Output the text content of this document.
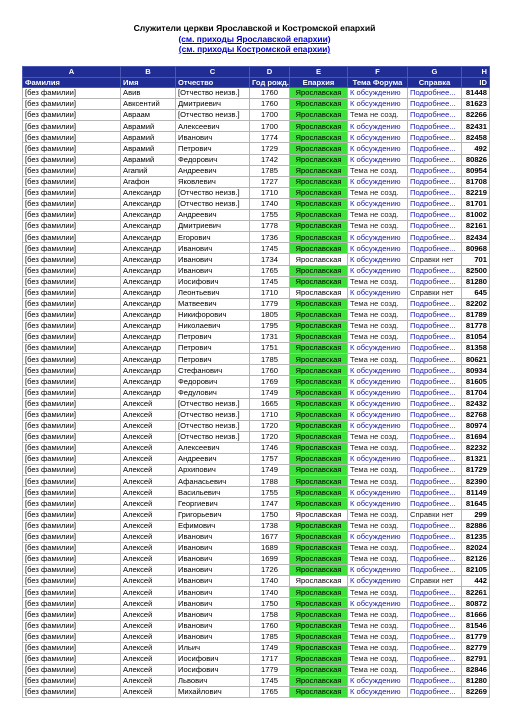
Служители церкви Ярославской и Костромской епархий
(см. приходы Ярославской епархии)
(см. приходы Костромской епархии)
A	B	C	D	E	F	G	H
Фамилия	Имя	Отчество	Год рожд.	Епархия	Тема Форума	Справка	ID
[без фамилии]	Авив	[Отчество неизв.]	1760	Ярославская	К обсуждению	Подробнее...	81448
[без фамилии]	Авксентий	Дмитриевич	1760	Ярославская	К обсуждению	Подробнее...	81623
[без фамилии]	Авраам	[Отчество неизв.]	1700	Ярославская	Тема не созд.	Подробнее...	82266
[без фамилии]	Аврамий	Алексеевич	1700	Ярославская	К обсуждению	Подробнее...	82431
[без фамилии]	Аврамий	Иванович	1774	Ярославская	К обсуждению	Подробнее...	82458
[без фамилии]	Аврамий	Петрович	1729	Ярославская	К обсуждению	Подробнее...	492
[без фамилии]	Аврамий	Федорович	1742	Ярославская	К обсуждению	Подробнее...	80826
[без фамилии]	Агапий	Андреевич	1785	Ярославская	Тема не созд.	Подробнее...	80954
[без фамилии]	Агафон	Яковлевич	1727	Ярославская	К обсуждению	Подробнее...	81708
[без фамилии]	Александр	[Отчество неизв.]	1710	Ярославская	Тема не созд.	Подробнее...	82219
[без фамилии]	Александр	[Отчество неизв.]	1740	Ярославская	К обсуждению	Подробнее...	81701
[без фамилии]	Александр	Андреевич	1755	Ярославская	Тема не созд.	Подробнее...	81002
[без фамилии]	Александр	Дмитриевич	1778	Ярославская	Тема не созд.	Подробнее...	82161
[без фамилии]	Александр	Егорович	1736	Ярославская	К обсуждению	Подробнее...	82434
[без фамилии]	Александр	Иванович	1745	Ярославская	К обсуждению	Подробнее...	80968
[без фамилии]	Александр	Иванович	1734	Ярославская	К обсуждению	Справки нет	701
[без фамилии]	Александр	Иванович	1765	Ярославская	К обсуждению	Подробнее...	82500
[без фамилии]	Александр	Иосифович	1745	Ярославская	Тема не созд.	Подробнее...	81280
[без фамилии]	Александр	Леонтьевич	1710	Ярославская	К обсуждению	Справки нет	645
[без фамилии]	Александр	Матвеевич	1779	Ярославская	Тема не созд.	Подробнее...	82202
[без фамилии]	Александр	Никифорович	1805	Ярославская	Тема не созд.	Подробнее...	81789
[без фамилии]	Александр	Николаевич	1795	Ярославская	Тема не созд.	Подробнее...	81778
[без фамилии]	Александр	Петрович	1731	Ярославская	Тема не созд.	Подробнее...	81054
[без фамилии]	Александр	Петрович	1751	Ярославская	К обсуждению	Подробнее...	81358
[без фамилии]	Александр	Петрович	1785	Ярославская	Тема не созд.	Подробнее...	80621
[без фамилии]	Александр	Стефанович	1760	Ярославская	К обсуждению	Подробнее...	80934
[без фамилии]	Александр	Федорович	1769	Ярославская	К обсуждению	Подробнее...	81605
[без фамилии]	Александр	Федулович	1749	Ярославская	К обсуждению	Подробнее...	81704
[без фамилии]	Алексей	[Отчество неизв.]	1665	Ярославская	К обсуждению	Подробнее...	82432
[без фамилии]	Алексей	[Отчество неизв.]	1710	Ярославская	К обсуждению	Подробнее...	82768
[без фамилии]	Алексей	[Отчество неизв.]	1720	Ярославская	К обсуждению	Подробнее...	80974
[без фамилии]	Алексей	[Отчество неизв.]	1720	Ярославская	Тема не созд.	Подробнее...	81694
[без фамилии]	Алексей	Алексеевич	1746	Ярославская	Тема не созд.	Подробнее...	82232
[без фамилии]	Алексей	Андреевич	1757	Ярославская	К обсуждению	Подробнее...	81321
[без фамилии]	Алексей	Архипович	1749	Ярославская	Тема не созд.	Подробнее...	81729
[без фамилии]	Алексей	Афанасьевич	1788	Ярославская	Тема не созд.	Подробнее...	82390
[без фамилии]	Алексей	Васильевич	1755	Ярославская	К обсуждению	Подробнее...	81149
[без фамилии]	Алексей	Георгиевич	1747	Ярославская	К обсуждению	Подробнее...	81645
[без фамилии]	Алексей	Григорьевич	1750	Ярославская	Тема не созд.	Справки нет	299
[без фамилии]	Алексей	Ефимович	1738	Ярославская	Тема не созд.	Подробнее...	82886
[без фамилии]	Алексей	Иванович	1677	Ярославская	К обсуждению	Подробнее...	81235
[без фамилии]	Алексей	Иванович	1689	Ярославская	Тема не созд.	Подробнее...	82024
[без фамилии]	Алексей	Иванович	1699	Ярославская	Тема не созд.	Подробнее...	82126
[без фамилии]	Алексей	Иванович	1726	Ярославская	К обсуждению	Подробнее...	82105
[без фамилии]	Алексей	Иванович	1740	Ярославская	К обсуждению	Справки нет	442
[без фамилии]	Алексей	Иванович	1740	Ярославская	Тема не созд.	Подробнее...	82261
[без фамилии]	Алексей	Иванович	1750	Ярославская	К обсуждению	Подробнее...	80872
[без фамилии]	Алексей	Иванович	1758	Ярославская	Тема не созд.	Подробнее...	81666
[без фамилии]	Алексей	Иванович	1760	Ярославская	Тема не созд.	Подробнее...	81546
[без фамилии]	Алексей	Иванович	1785	Ярославская	Тема не созд.	Подробнее...	81779
[без фамилии]	Алексей	Ильич	1749	Ярославская	Тема не созд.	Подробнее...	82779
[без фамилии]	Алексей	Иосифович	1717	Ярославская	Тема не созд.	Подробнее...	82791
[без фамилии]	Алексей	Иосифович	1779	Ярославская	Тема не созд.	Подробнее...	82846
[без фамилии]	Алексей	Львович	1745	Ярославская	К обсуждению	Подробнее...	81280
[без фамилии]	Алексей	Михайлович	1765	Ярославская	К обсуждению	Подробнее...	82269
